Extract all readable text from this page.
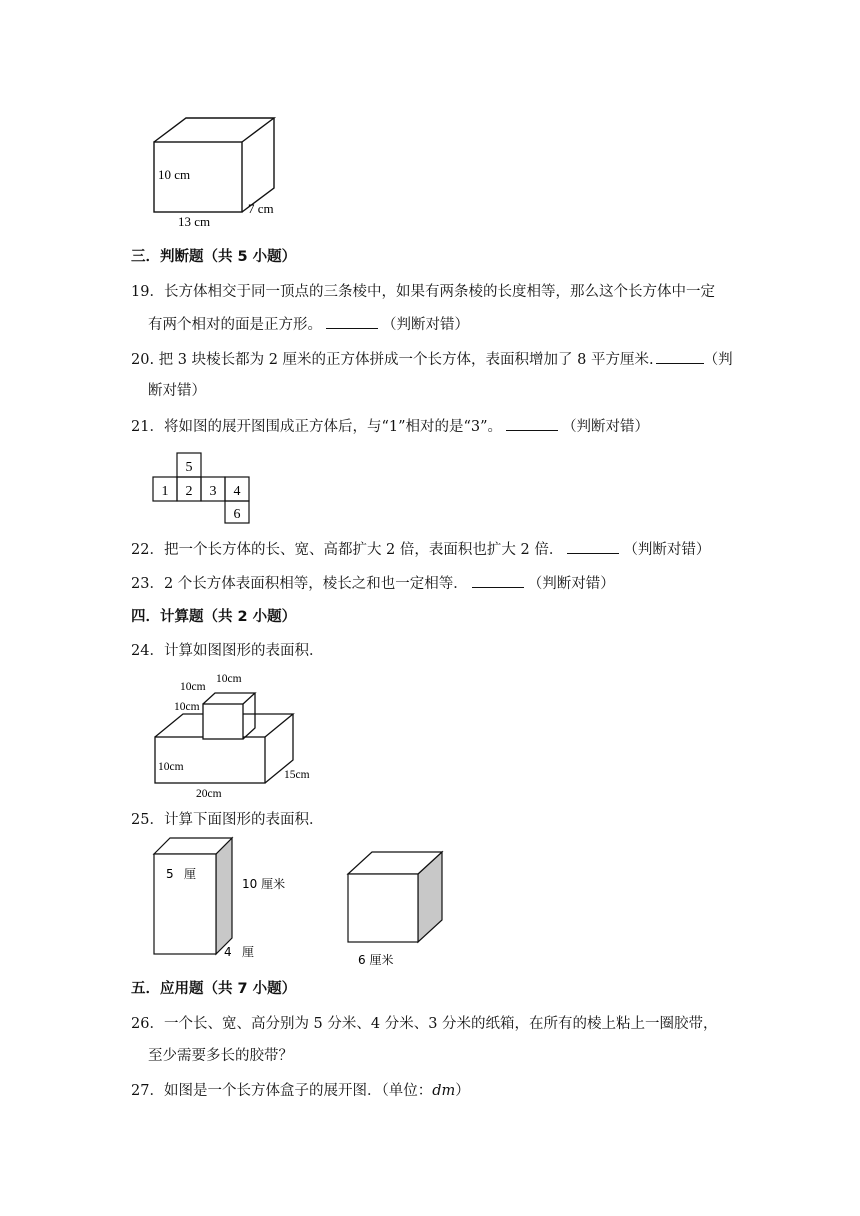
10 cm
13 cm
7 cm
三．判断题（共 5 小题）
19．长方体相交于同一顶点的三条棱中，如果有两条棱的长度相等，那么这个长方体中一定
有两个相对的面是正方形。	（判断对错）
20. 把 3 块棱长都为 2 厘米的正方体拼成一个长方体，表面积增加了 8 平方厘米.	（判
断对错）
21．将如图的展开图围成正方体后，与“1”相对的是“3”。	（判断对错）
5
1 2 3 4
6
22．把一个长方体的长、宽、高都扩大 2 倍，表面积也扩大 2 倍．	（判断对错）
23．2 个长方体表面积相等，棱长之和也一定相等．	（判断对错）
四．计算题（共 2 小题）
24．计算如图图形的表面积．
10cm
10cm
10cm
10cm
20cm
15cm
25．计算下面图形的表面积．
5 厘
10 厘米
4 厘
6 厘米
五．应用题（共 7 小题）
26．一个长、宽、高分别为 5 分米、4 分米、3 分米的纸箱，在所有的棱上粘上一圈胶带，
至少需要多长的胶带？
27．如图是一个长方体盒子的展开图．（单位：dm）
